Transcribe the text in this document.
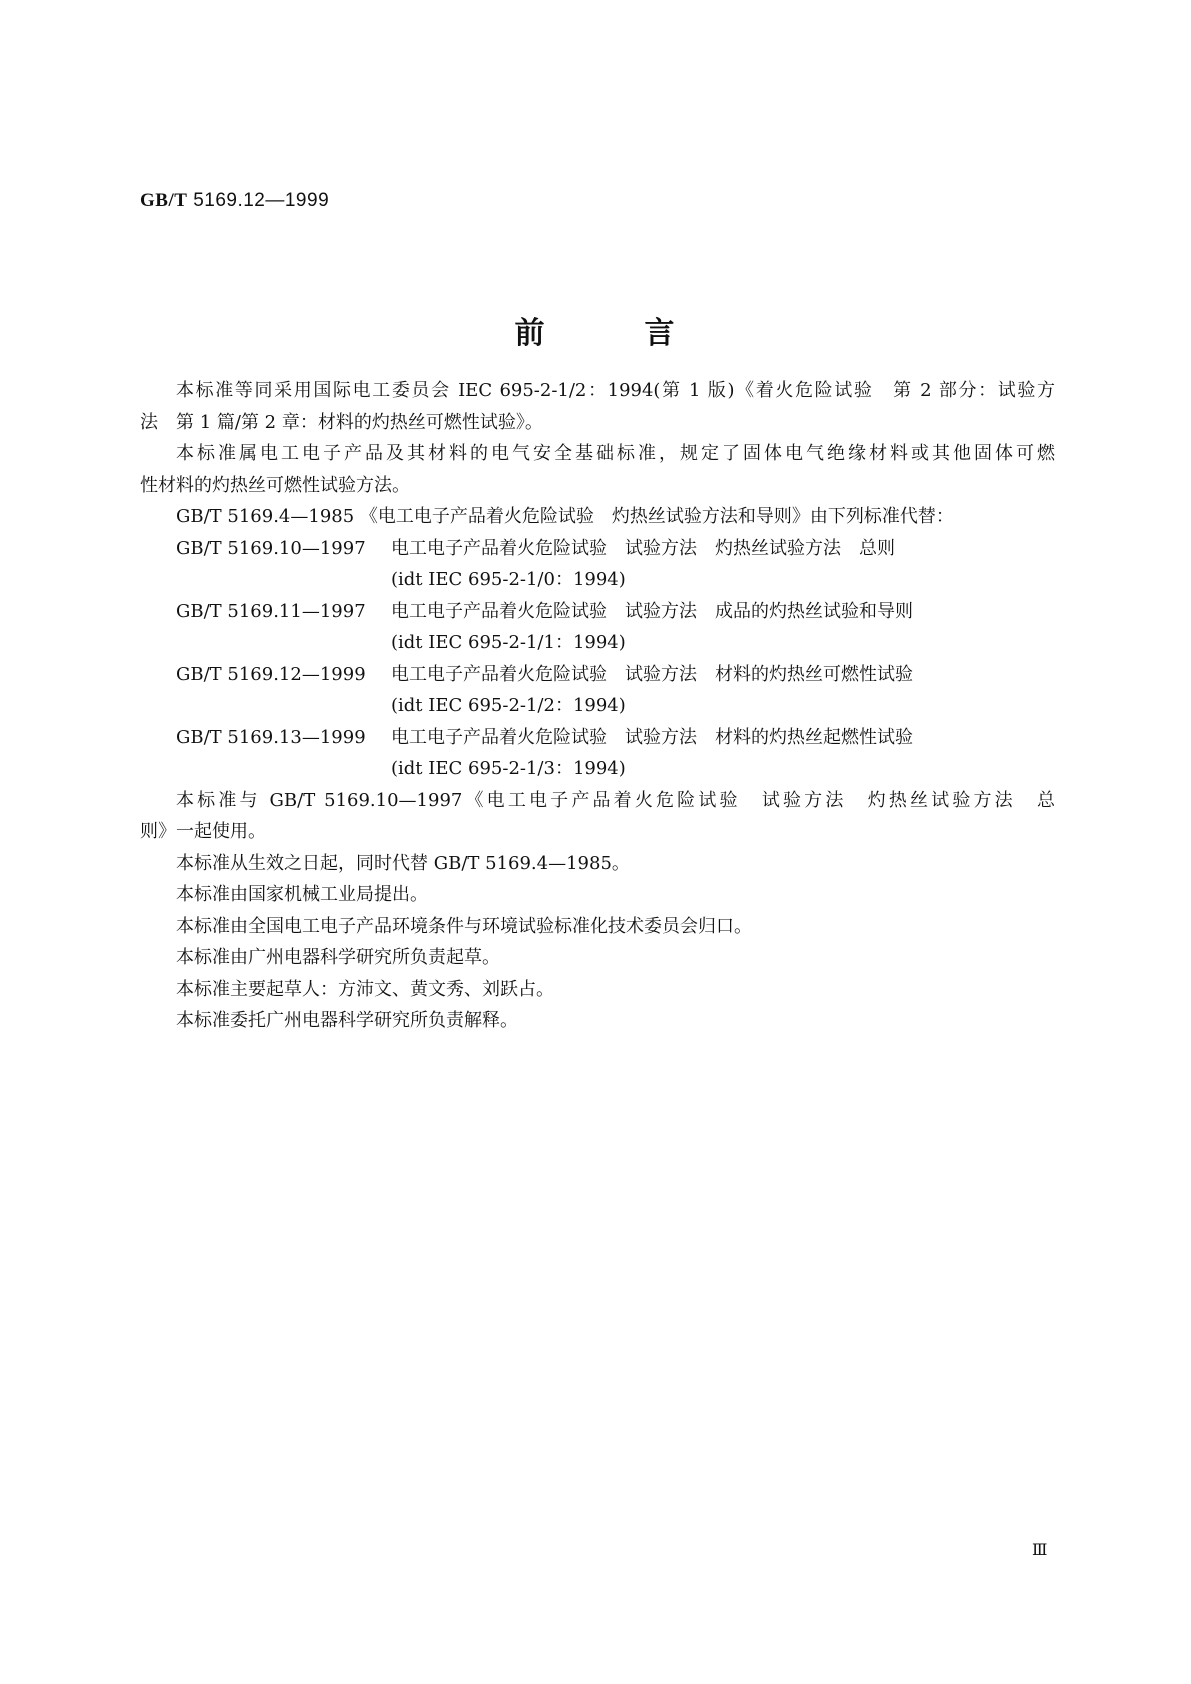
GB/T 5169.12—1999
前	言

本标准等同采用国际电工委员会 IEC 695-2-1/2：1994(第 1 版)《着火危险试验　第 2 部分：试验方

法　第 1 篇/第 2 章：材料的灼热丝可燃性试验》。

本标准属电工电子产品及其材料的电气安全基础标准，规定了固体电气绝缘材料或其他固体可燃

性材料的灼热丝可燃性试验方法。

GB/T 5169.4—1985 《电工电子产品着火危险试验　灼热丝试验方法和导则》由下列标准代替：

GB/T 5169.10—1997	电工电子产品着火危险试验　试验方法　灼热丝试验方法　总则
(idt IEC 695-2-1/0：1994)
GB/T 5169.11—1997	电工电子产品着火危险试验　试验方法　成品的灼热丝试验和导则
(idt IEC 695-2-1/1：1994)
GB/T 5169.12—1999	电工电子产品着火危险试验　试验方法　材料的灼热丝可燃性试验
(idt IEC 695-2-1/2：1994)
GB/T 5169.13—1999	电工电子产品着火危险试验　试验方法　材料的灼热丝起燃性试验
(idt IEC 695-2-1/3：1994)

本标准与 GB/T 5169.10—1997《电工电子产品着火危险试验　试验方法　灼热丝试验方法　总

则》一起使用。

本标准从生效之日起，同时代替 GB/T 5169.4—1985。

本标准由国家机械工业局提出。

本标准由全国电工电子产品环境条件与环境试验标准化技术委员会归口。

本标准由广州电器科学研究所负责起草。

本标准主要起草人：方沛文、黄文秀、刘跃占。

本标准委托广州电器科学研究所负责解释。

Ⅲ
